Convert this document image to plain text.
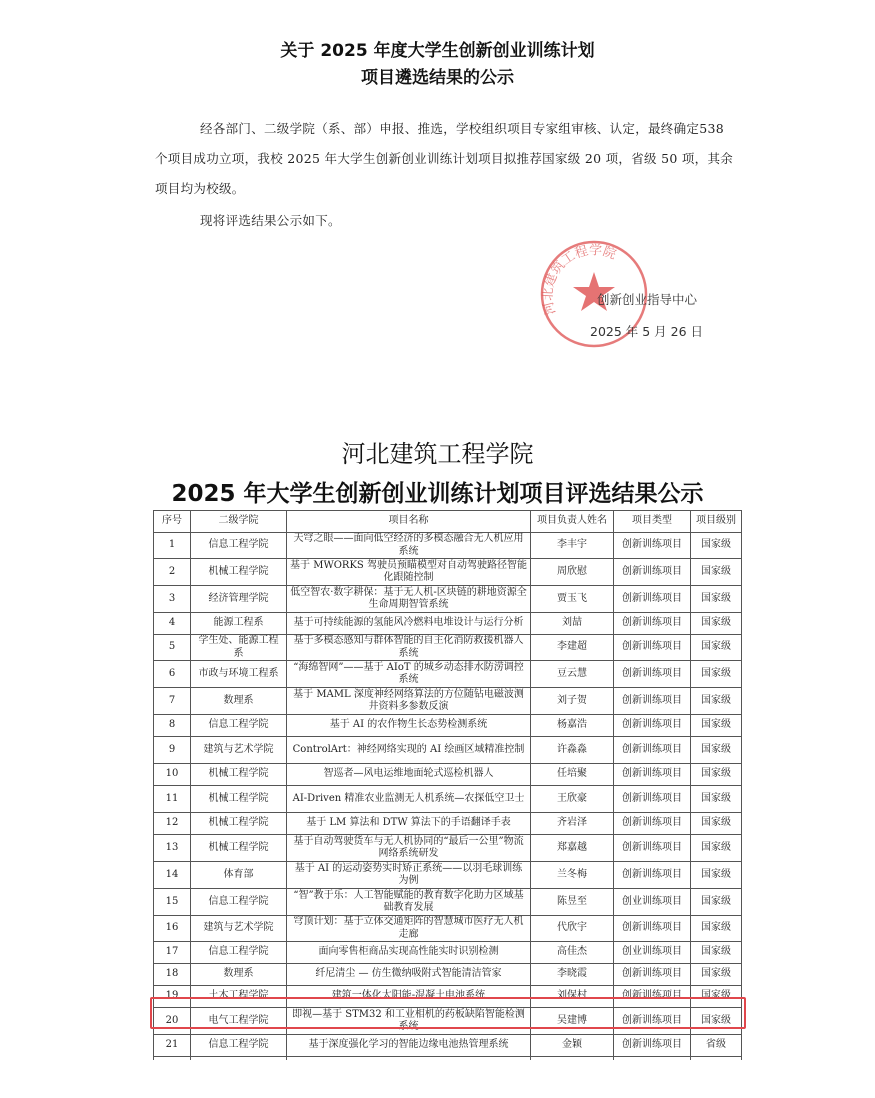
关于 2025 年度大学生创新创业训练计划
项目遴选结果的公示
经各部门、二级学院（系、部）申报、推选，学校组织项目专家组审核、认定，最终确定538个项目成功立项，我校 2025 年大学生创新创业训练计划项目拟推荐国家级 20 项，省级 50 项，其余项目均为校级。
现将评选结果公示如下。
河北建筑工程学院
创新创业指导中心
2025 年 5 月 26 日
河北建筑工程学院
2025 年大学生创新创业训练计划项目评选结果公示
序号	二级学院	项目名称	项目负责人姓名	项目类型	项目级别
1	信息工程学院	天穹之眼——面向低空经济的多模态融合无人机应用系统	李丰宇	创新训练项目	国家级
2	机械工程学院	基于 MWORKS 驾驶员预瞄模型对自动驾驶路径智能化跟随控制	周欣慰	创新训练项目	国家级
3	经济管理学院	低空智农·数字耕保：基于无人机-区块链的耕地资源全生命周期智管系统	贾玉飞	创新训练项目	国家级
4	能源工程系	基于可持续能源的氢能风冷燃料电堆设计与运行分析	刘喆	创新训练项目	国家级
5	学生处、能源工程系	基于多模态感知与群体智能的自主化消防救援机器人系统	李建超	创新训练项目	国家级
6	市政与环境工程系	“海绵智网”——基于 AIoT 的城乡动态排水防涝调控系统	豆云慧	创新训练项目	国家级
7	数理系	基于 MAML 深度神经网络算法的方位随钻电磁波测井资料多参数反演	刘子贺	创新训练项目	国家级
8	信息工程学院	基于 AI 的农作物生长态势检测系统	杨嘉浩	创新训练项目	国家级
9	建筑与艺术学院	ControlArt：神经网络实现的 AI 绘画区域精准控制	许淼淼	创新训练项目	国家级
10	机械工程学院	智巡者—风电运维地面轮式巡检机器人	任培聚	创新训练项目	国家级
11	机械工程学院	AI-Driven 精准农业监测无人机系统—农探低空卫士	王欣豪	创新训练项目	国家级
12	机械工程学院	基于 LM 算法和 DTW 算法下的手语翻译手表	齐岩泽	创新训练项目	国家级
13	机械工程学院	基于自动驾驶货车与无人机协同的“最后一公里”物流网络系统研发	郑嘉越	创新训练项目	国家级
14	体育部	基于 AI 的运动姿势实时矫正系统——以羽毛球训练为例	兰冬梅	创新训练项目	国家级
15	信息工程学院	“智”教于乐：人工智能赋能的教育数字化助力区域基础教育发展	陈昱至	创业训练项目	国家级
16	建筑与艺术学院	穹顶计划：基于立体交通矩阵的智慧城市医疗无人机走廊	代欣宇	创新训练项目	国家级
17	信息工程学院	面向零售柜商品实现高性能实时识别检测	高佳杰	创业训练项目	国家级
18	数理系	纤尼清尘 — 仿生微纳吸附式智能清洁管家	李晓霞	创新训练项目	国家级
19	土木工程学院	建筑一体化太阳能-混凝土电池系统	刘保村	创新训练项目	国家级
20	电气工程学院	即视—基于 STM32 和工业相机的药板缺陷智能检测系统	吴建博	创新训练项目	国家级
21	信息工程学院	基于深度强化学习的智能边缘电池热管理系统	金颖	创新训练项目	省级
